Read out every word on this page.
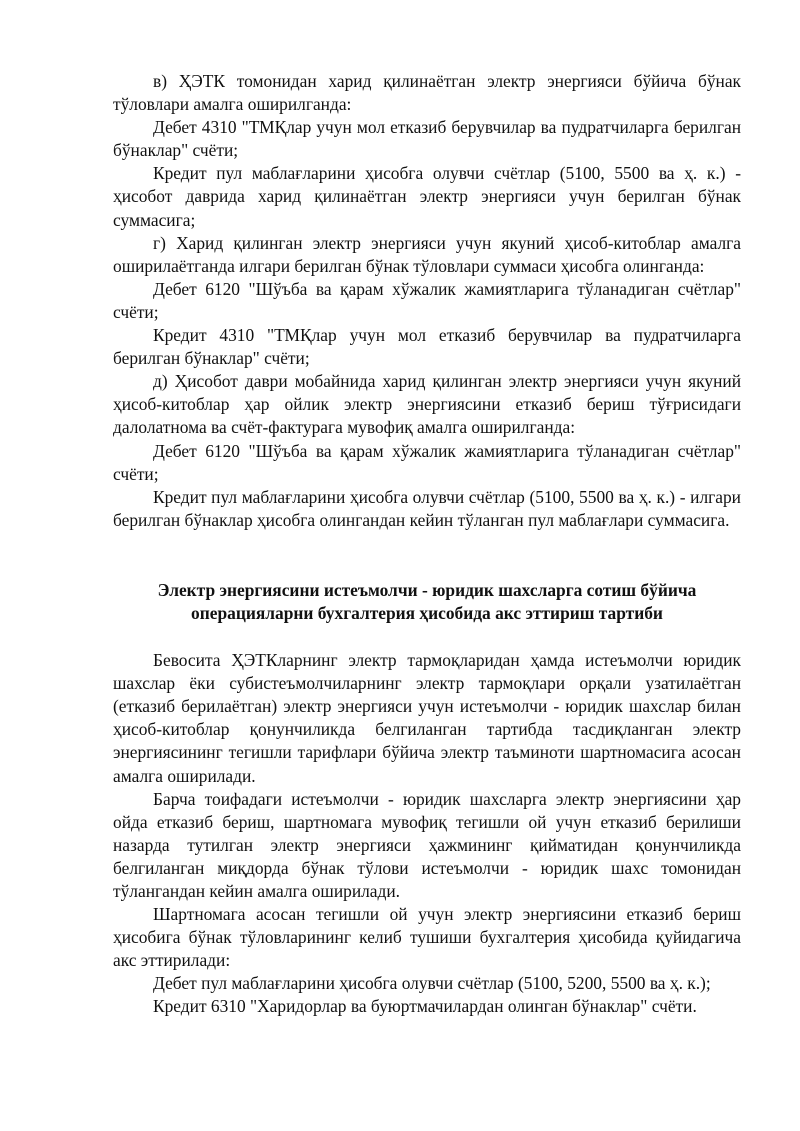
в) ҲЭТК томонидан харид қилинаётган электр энергияси бўйича бўнак тўловлари амалга оширилганда:

Дебет 4310 "ТМҚлар учун мол етказиб берувчилар ва пудратчиларга берилган бўнаклар" счёти;

Кредит пул маблағларини ҳисобга олувчи счётлар (5100, 5500 ва ҳ. к.) - ҳисобот даврида харид қилинаётган электр энергияси учун берилган бўнак суммасига;

г) Харид қилинган электр энергияси учун якуний ҳисоб-китоблар амалга оширилаётганда илгари берилган бўнак тўловлари суммаси ҳисобга олинганда:

Дебет 6120 "Шўъба ва қарам хўжалик жамиятларига тўланадиган счётлар" счёти;

Кредит 4310 "ТМҚлар учун мол етказиб берувчилар ва пудратчиларга берилган бўнаклар" счёти;

д) Ҳисобот даври мобайнида харид қилинган электр энергияси учун якуний ҳисоб-китоблар ҳар ойлик электр энергиясини етказиб бериш тўғрисидаги далолатнома ва счёт-фактурага мувофиқ амалга оширилганда:

Дебет 6120 "Шўъба ва қарам хўжалик жамиятларига тўланадиган счётлар" счёти;

Кредит пул маблағларини ҳисобга олувчи счётлар (5100, 5500 ва ҳ. к.) - илгари берилган бўнаклар ҳисобга олингандан кейин тўланган пул маблағлари суммасига.

Электр энергиясини истеъмолчи - юридик шахсларга сотиш бўйича операцияларни бухгалтерия ҳисобида акс эттириш тартиби

Бевосита ҲЭТКларнинг электр тармоқларидан ҳамда истеъмолчи юридик шахслар ёки субистеъмолчиларнинг электр тармоқлари орқали узатилаётган (етказиб берилаётган) электр энергияси учун истеъмолчи - юридик шахслар билан ҳисоб-китоблар қонунчиликда белгиланган тартибда тасдиқланган электр энергиясининг тегишли тарифлари бўйича электр таъминоти шартномасига асосан амалга оширилади.

Барча тоифадаги истеъмолчи - юридик шахсларга электр энергиясини ҳар ойда етказиб бериш, шартномага мувофиқ тегишли ой учун етказиб берилиши назарда тутилган электр энергияси ҳажмининг қийматидан қонунчиликда белгиланган миқдорда бўнак тўлови истеъмолчи - юридик шахс томонидан тўлангандан кейин амалга оширилади.

Шартномага асосан тегишли ой учун электр энергиясини етказиб бериш ҳисобига бўнак тўловларининг келиб тушиши бухгалтерия ҳисобида қуйидагича акс эттирилади:

Дебет пул маблағларини ҳисобга олувчи счётлар (5100, 5200, 5500 ва ҳ. к.);

Кредит 6310 "Харидорлар ва буюртмачилардан олинган бўнаклар" счёти.
